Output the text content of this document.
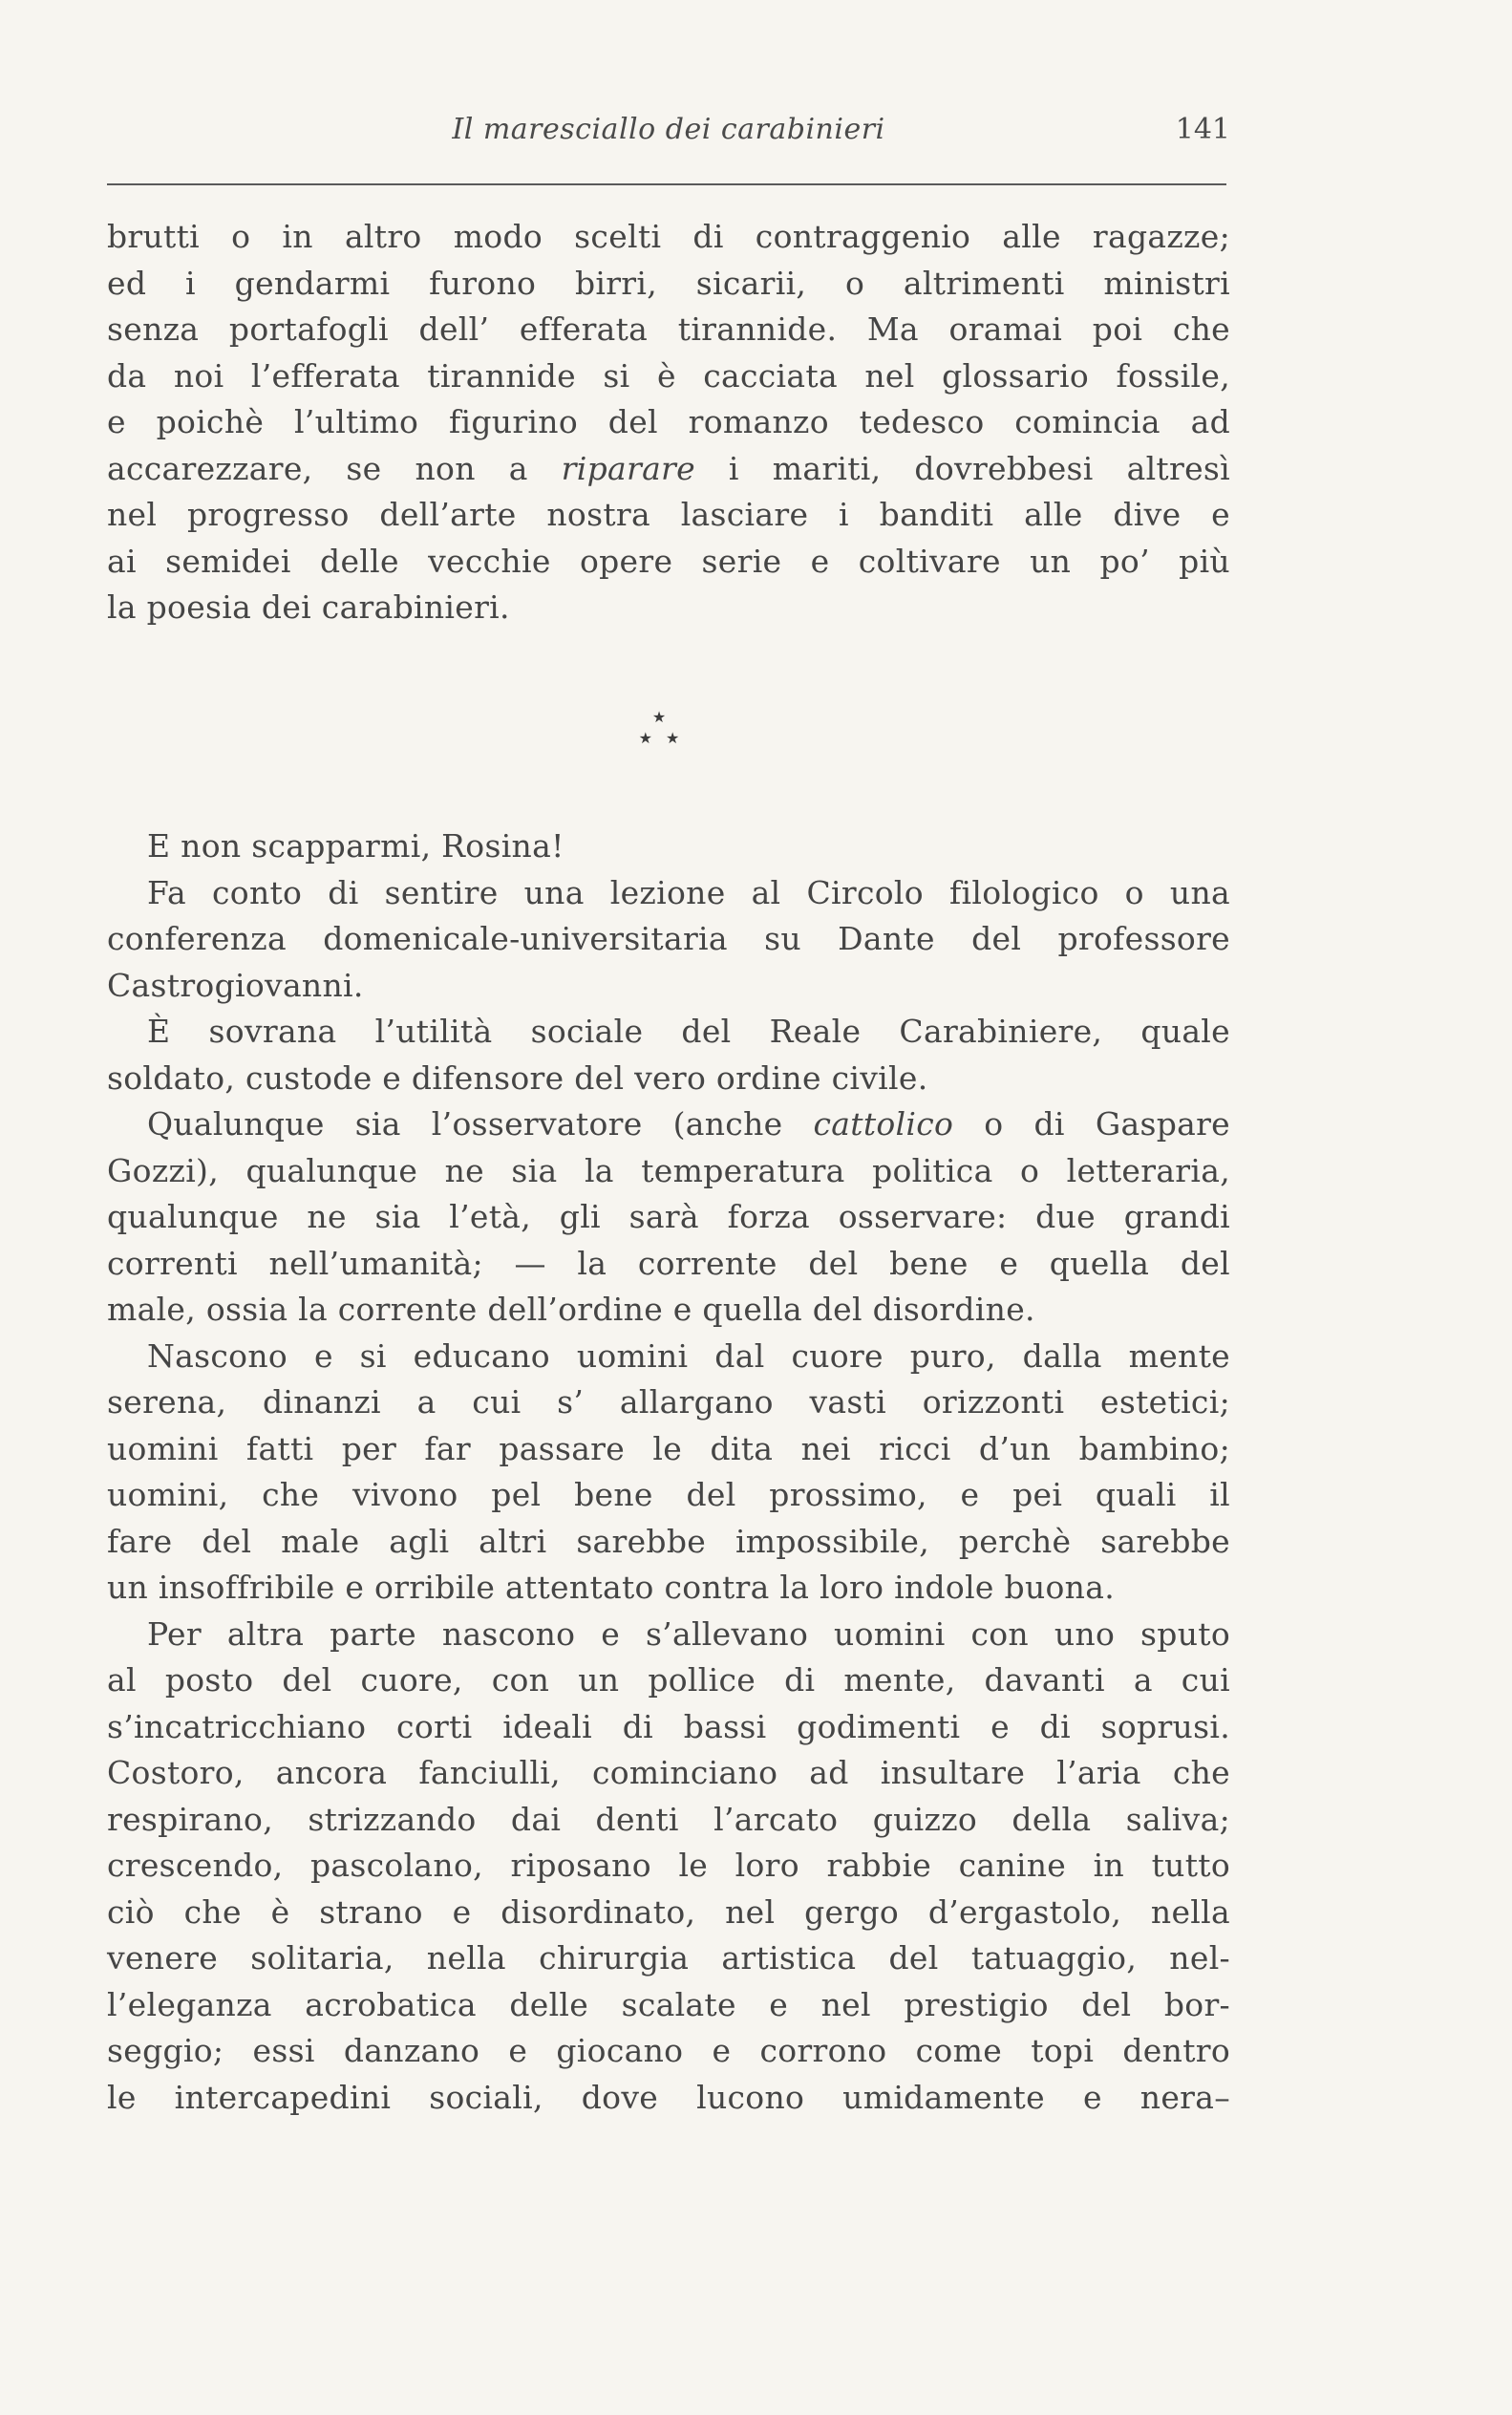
Il maresciallo dei carabinieri	141
brutti o in altro modo scelti di contraggenio alle ragazze;
ed i gendarmi furono birri, sicarii, o altrimenti ministri
senza portafogli dell’ efferata tirannide. Ma oramai poi che
da noi l’efferata tirannide si è cacciata nel glossario fossile,
e poichè l’ultimo figurino del romanzo tedesco comincia ad
accarezzare, se non a riparare i mariti, dovrebbesi altresì
nel progresso dell’arte nostra lasciare i banditi alle dive e
ai semidei delle vecchie opere serie e coltivare un po’ più
la poesia dei carabinieri.
★
★★
E non scapparmi, Rosina!
Fa conto di sentire una lezione al Circolo filologico o una
conferenza domenicale-universitaria su Dante del professore
Castrogiovanni.
È sovrana l’utilità sociale del Reale Carabiniere, quale
soldato, custode e difensore del vero ordine civile.
Qualunque sia l’osservatore (anche cattolico o di Gaspare
Gozzi), qualunque ne sia la temperatura politica o letteraria,
qualunque ne sia l’età, gli sarà forza osservare: due grandi
correnti nell’umanità; — la corrente del bene e quella del
male, ossia la corrente dell’ordine e quella del disordine.
Nascono e si educano uomini dal cuore puro, dalla mente
serena, dinanzi a cui s’ allargano vasti orizzonti estetici;
uomini fatti per far passare le dita nei ricci d’un bambino;
uomini, che vivono pel bene del prossimo, e pei quali il
fare del male agli altri sarebbe impossibile, perchè sarebbe
un insoffribile e orribile attentato contra la loro indole buona.
Per altra parte nascono e s’allevano uomini con uno sputo
al posto del cuore, con un pollice di mente, davanti a cui
s’incatricchiano corti ideali di bassi godimenti e di soprusi.
Costoro, ancora fanciulli, cominciano ad insultare l’aria che
respirano, strizzando dai denti l’arcato guizzo della saliva;
crescendo, pascolano, riposano le loro rabbie canine in tutto
ciò che è strano e disordinato, nel gergo d’ergastolo, nella
venere solitaria, nella chirurgia artistica del tatuaggio, nel-
l’eleganza acrobatica delle scalate e nel prestigio del bor-
seggio; essi danzano e giocano e corrono come topi dentro
le intercapedini sociali, dove lucono umidamente e nera–
